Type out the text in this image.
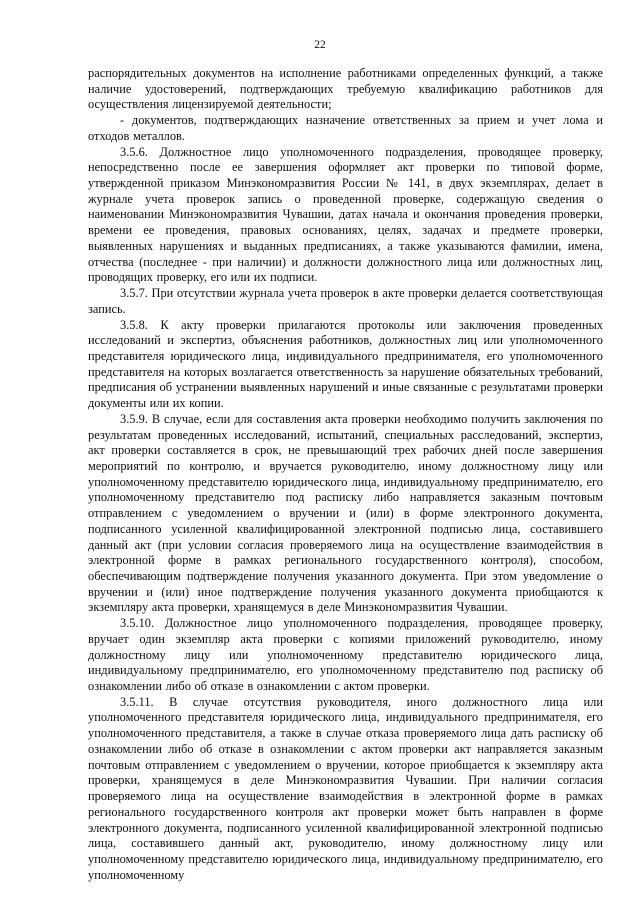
22

распорядительных документов на исполнение работниками определенных функций, а также наличие удостоверений, подтверждающих требуемую квалификацию работников для осуществления лицензируемой деятельности;

- документов, подтверждающих назначение ответственных за прием и учет лома и отходов металлов.

3.5.6. Должностное лицо уполномоченного подразделения, проводящее проверку, непосредственно после ее завершения оформляет акт проверки по типовой форме, утвержденной приказом Минэкономразвития России № 141, в двух экземплярах, делает в журнале учета проверок запись о проведенной проверке, содержащую сведения о наименовании Минэкономразвития Чувашии, датах начала и окончания проведения проверки, времени ее проведения, правовых основаниях, целях, задачах и предмете проверки, выявленных нарушениях и выданных предписаниях, а также указываются фамилии, имена, отчества (последнее - при наличии) и должности должностного лица или должностных лиц, проводящих проверку, его или их подписи.

3.5.7. При отсутствии журнала учета проверок в акте проверки делается соответствующая запись.

3.5.8. К акту проверки прилагаются протоколы или заключения проведенных исследований и экспертиз, объяснения работников, должностных лиц или уполномоченного представителя юридического лица, индивидуального предпринимателя, его уполномоченного представителя на которых возлагается ответственность за нарушение обязательных требований, предписания об устранении выявленных нарушений и иные связанные с результатами проверки документы или их копии.

3.5.9. В случае, если для составления акта проверки необходимо получить заключения по результатам проведенных исследований, испытаний, специальных расследований, экспертиз, акт проверки составляется в срок, не превышающий трех рабочих дней после завершения мероприятий по контролю, и вручается руководителю, иному должностному лицу или уполномоченному представителю юридического лица, индивидуальному предпринимателю, его уполномоченному представителю под расписку либо направляется заказным почтовым отправлением с уведомлением о вручении и (или) в форме электронного документа, подписанного усиленной квалифицированной электронной подписью лица, составившего данный акт (при условии согласия проверяемого лица на осуществление взаимодействия в электронной форме в рамках регионального государственного контроля), способом, обеспечивающим подтверждение получения указанного документа. При этом уведомление о вручении и (или) иное подтверждение получения указанного документа приобщаются к экземпляру акта проверки, хранящемуся в деле Минэкономразвития Чувашии.

3.5.10. Должностное лицо уполномоченного подразделения, проводящее проверку, вручает один экземпляр акта проверки с копиями приложений руководителю, иному должностному лицу или уполномоченному представителю юридического лица, индивидуальному предпринимателю, его уполномоченному представителю под расписку об ознакомлении либо об отказе в ознакомлении с актом проверки.

3.5.11. В случае отсутствия руководителя, иного должностного лица или уполномоченного представителя юридического лица, индивидуального предпринимателя, его уполномоченного представителя, а также в случае отказа проверяемого лица дать расписку об ознакомлении либо об отказе в ознакомлении с актом проверки акт направляется заказным почтовым отправлением с уведомлением о вручении, которое приобщается к экземпляру акта проверки, хранящемуся в деле Минэкономразвития Чувашии. При наличии согласия проверяемого лица на осуществление взаимодействия в электронной форме в рамках регионального государственного контроля акт проверки может быть направлен в форме электронного документа, подписанного усиленной квалифицированной электронной подписью лица, составившего данный акт, руководителю, иному должностному лицу или уполномоченному представителю юридического лица, индивидуальному предпринимателю, его уполномоченному
